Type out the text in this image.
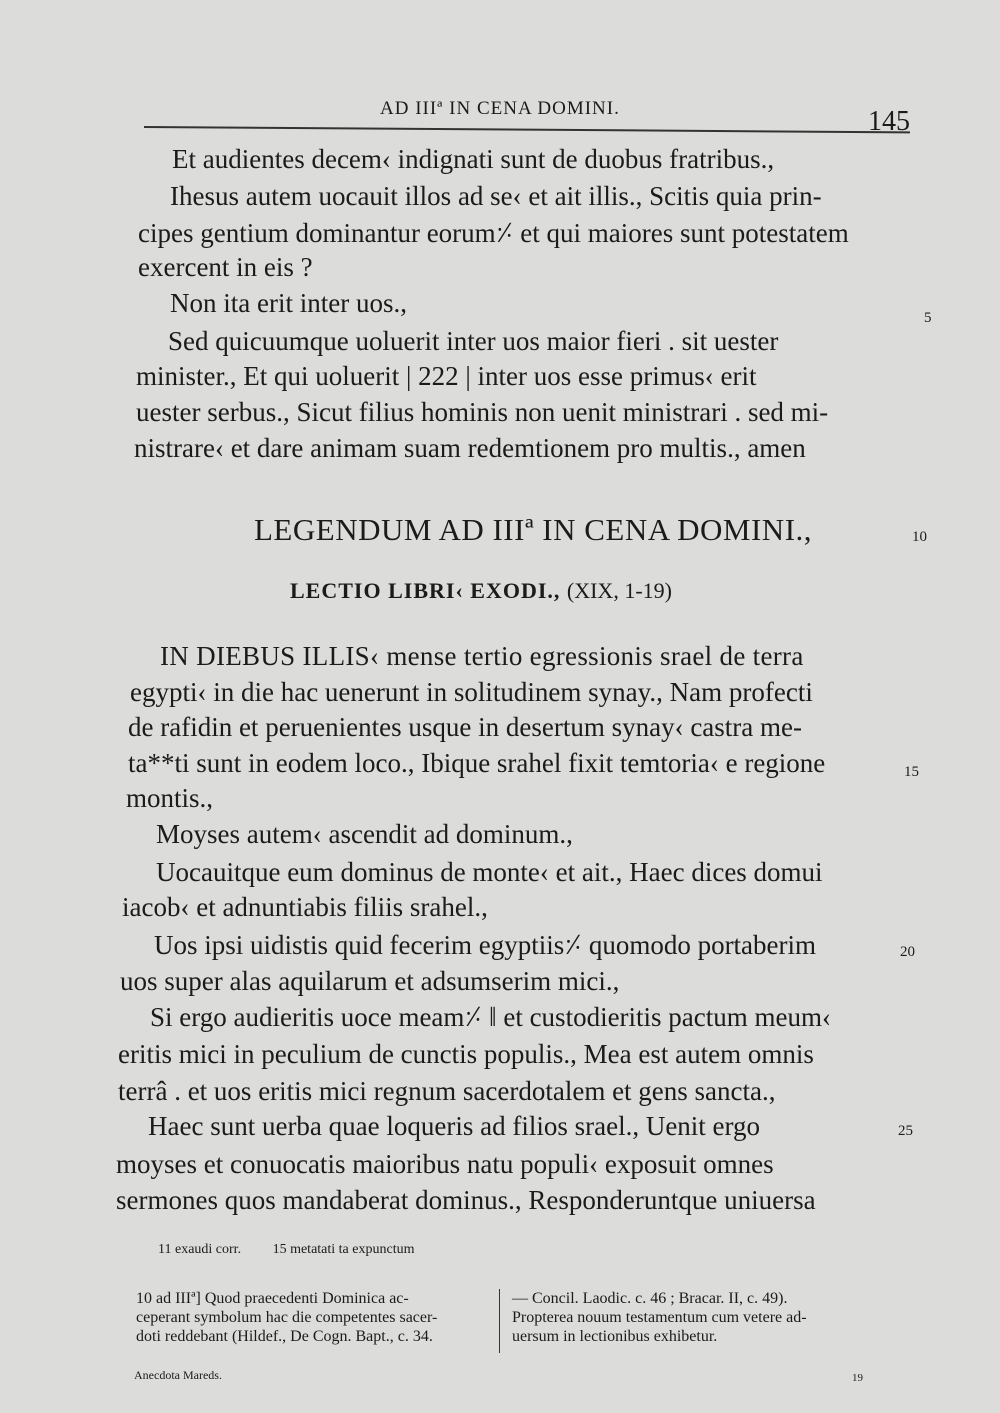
AD IIIª IN CENA DOMINI.	145
Et audientes decem‹ indignati sunt de duobus fratribus.,
Ihesus autem uocauit illos ad se‹ et ait illis., Scitis quia prin-
cipes gentium dominantur eorum⸓ et qui maiores sunt potestatem
exercent in eis ?
Non ita erit inter uos.,
Sed quicuumque uoluerit inter uos maior fieri . sit uester
minister., Et qui uoluerit | 222 | inter uos esse primus‹ erit
uester serbus., Sicut filius hominis non uenit ministrari . sed mi-
nistrare‹ et dare animam suam redemtionem pro multis., amen
LEGENDUM AD IIIª IN CENA DOMINI.,
LECTIO LIBRI‹ EXODI., (XIX, 1-19)
IN DIEBUS ILLIS‹ mense tertio egressionis srael de terra
egypti‹ in die hac uenerunt in solitudinem synay., Nam profecti
de rafidin et peruenientes usque in desertum synay‹ castra me-
ta**ti sunt in eodem loco., Ibique srahel fixit temtoria‹ e regione
montis.,
Moyses autem‹ ascendit ad dominum.,
Uocauitque eum dominus de monte‹ et ait., Haec dices domui
iacob‹ et adnuntiabis filiis srahel.,
Uos ipsi uidistis quid fecerim egyptiis⸓ quomodo portaberim
uos super alas aquilarum et adsumserim mici.,
Si ergo audieritis uoce meam⸓ ‖ et custodieritis pactum meum‹
eritis mici in peculium de cunctis populis., Mea est autem omnis
terrâ . et uos eritis mici regnum sacerdotalem et gens sancta.,
Haec sunt uerba quae loqueris ad filios srael., Uenit ergo
moyses et conuocatis maioribus natu populi‹ exposuit omnes
sermones quos mandaberat dominus., Responderuntque uniuersa
5
10
15
20
25
11 exaudi corr. 15 metatati ta expunctum
10 ad IIIª] Quod praecedenti Dominica ac-
ceperant symbolum hac die competentes sacer-
doti reddebant (Hildef., De Cogn. Bapt., c. 34.
— Concil. Laodic. c. 46 ; Bracar. II, c. 49).
Propterea nouum testamentum cum vetere ad-
uersum in lectionibus exhibetur.
Anecdota Mareds.	19
